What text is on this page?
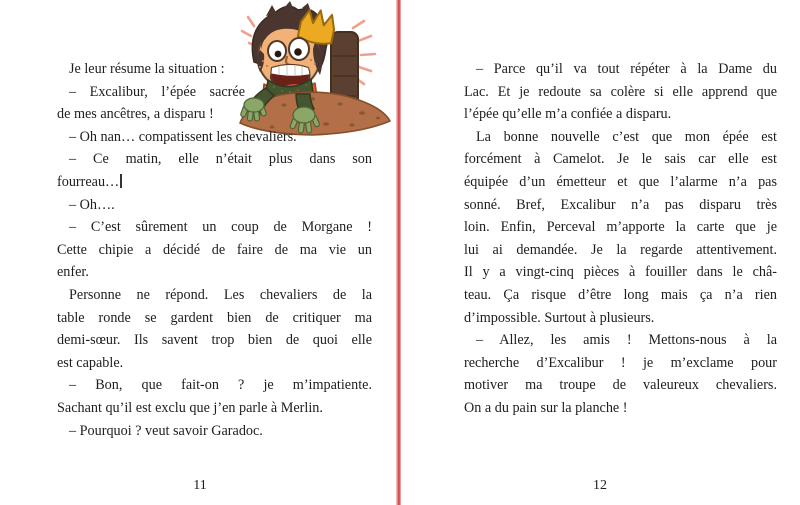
Je leur résume la situation :
– Excalibur, l’épée sacrée
de mes ancêtres, a disparu !
– Oh nan… compatissent les chevaliers.
– Ce matin, elle n’était plus dans son
fourreau…
– Oh….
– C’est sûrement un coup de Morgane !
Cette chipie a décidé de faire de ma vie un
enfer.
Personne ne répond. Les chevaliers de la
table ronde se gardent bien de critiquer ma
demi-sœur. Ils savent trop bien de quoi elle
est capable.
– Bon, que fait-on ? je m’impatiente.
Sachant qu’il est exclu que j’en parle à Merlin.
– Pourquoi ? veut savoir Garadoc.
– Parce qu’il va tout répéter à la Dame du
Lac. Et je redoute sa colère si elle apprend que
l’épée qu’elle m’a confiée a disparu.
La bonne nouvelle c’est que mon épée est
forcément à Camelot. Je le sais car elle est
équipée d’un émetteur et que l’alarme n’a pas
sonné. Bref, Excalibur n’a pas disparu très
loin. Enfin, Perceval m’apporte la carte que je
lui ai demandée. Je la regarde attentivement.
Il y a vingt-cinq pièces à fouiller dans le châ-
teau. Ça risque d’être long mais ça n’a rien
d’impossible. Surtout à plusieurs.
– Allez, les amis ! Mettons-nous à la
recherche d’Excalibur ! je m’exclame pour
motiver ma troupe de valeureux chevaliers.
On a du pain sur la planche !
11	12
